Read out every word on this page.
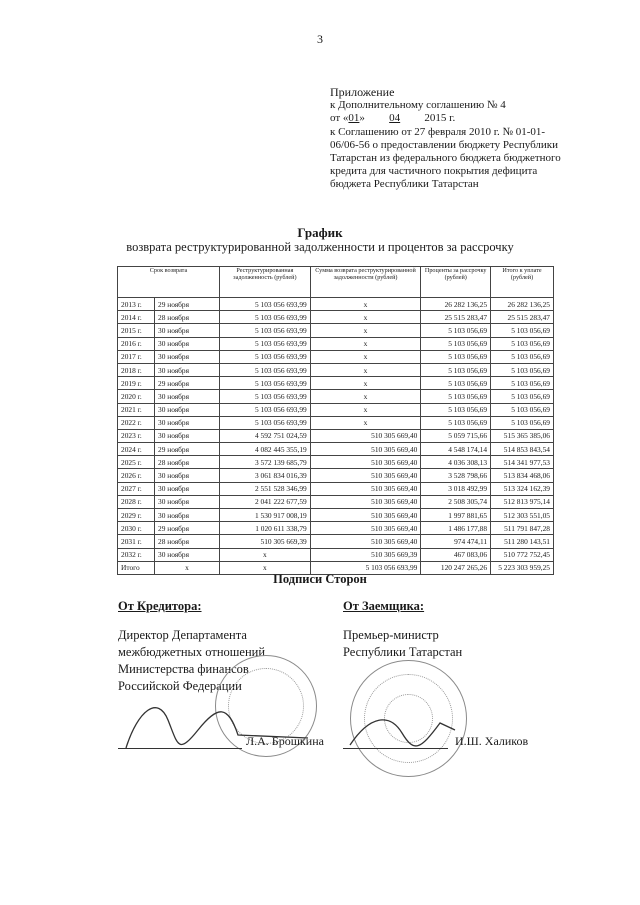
3
Приложение
к Дополнительному соглашению № 4
от «01» 04 2015 г.
к Соглашению от 27 февраля 2010 г. № 01-01-06/06-56 о предоставлении бюджету Республики Татарстан из федерального бюджета бюджетного кредита для частичного покрытия дефицита бюджета Республики Татарстан
График
возврата реструктурированной задолженности и процентов за рассрочку
Срок возврата		Реструктурированная задолженность (рублей)	Сумма возврата реструктурированной задолженности (рублей)	Проценты за рассрочку (рублей)	Итого к уплате (рублей)
2013 г.	29 ноября	5 103 056 693,99	х	26 282 136,25	26 282 136,25
2014 г.	28 ноября	5 103 056 693,99	х	25 515 283,47	25 515 283,47
2015 г.	30 ноября	5 103 056 693,99	х	5 103 056,69	5 103 056,69
2016 г.	30 ноября	5 103 056 693,99	х	5 103 056,69	5 103 056,69
2017 г.	30 ноября	5 103 056 693,99	х	5 103 056,69	5 103 056,69
2018 г.	30 ноября	5 103 056 693,99	х	5 103 056,69	5 103 056,69
2019 г.	29 ноября	5 103 056 693,99	х	5 103 056,69	5 103 056,69
2020 г.	30 ноября	5 103 056 693,99	х	5 103 056,69	5 103 056,69
2021 г.	30 ноября	5 103 056 693,99	х	5 103 056,69	5 103 056,69
2022 г.	30 ноября	5 103 056 693,99	х	5 103 056,69	5 103 056,69
2023 г.	30 ноября	4 592 751 024,59	510 305 669,40	5 059 715,66	515 365 385,06
2024 г.	29 ноября	4 082 445 355,19	510 305 669,40	4 548 174,14	514 853 843,54
2025 г.	28 ноября	3 572 139 685,79	510 305 669,40	4 036 308,13	514 341 977,53
2026 г.	30 ноября	3 061 834 016,39	510 305 669,40	3 528 798,66	513 834 468,06
2027 г.	30 ноября	2 551 528 346,99	510 305 669,40	3 018 492,99	513 324 162,39
2028 г.	30 ноября	2 041 222 677,59	510 305 669,40	2 508 305,74	512 813 975,14
2029 г.	30 ноября	1 530 917 008,19	510 305 669,40	1 997 881,65	512 303 551,05
2030 г.	29 ноября	1 020 611 338,79	510 305 669,40	1 486 177,88	511 791 847,28
2031 г.	28 ноября	510 305 669,39	510 305 669,40	974 474,11	511 280 143,51
2032 г.	30 ноября	х	510 305 669,39	467 083,06	510 772 752,45
Итого	х	х	5 103 056 693,99	120 247 265,26	5 223 303 959,25
Подписи Сторон
От Кредитора:	От Заемщика:
Директор Департамента
межбюджетных отношений
Министерства финансов
Российской Федерации
Премьер-министр
Республики Татарстан
Л.А. Брошкина	И.Ш. Халиков
